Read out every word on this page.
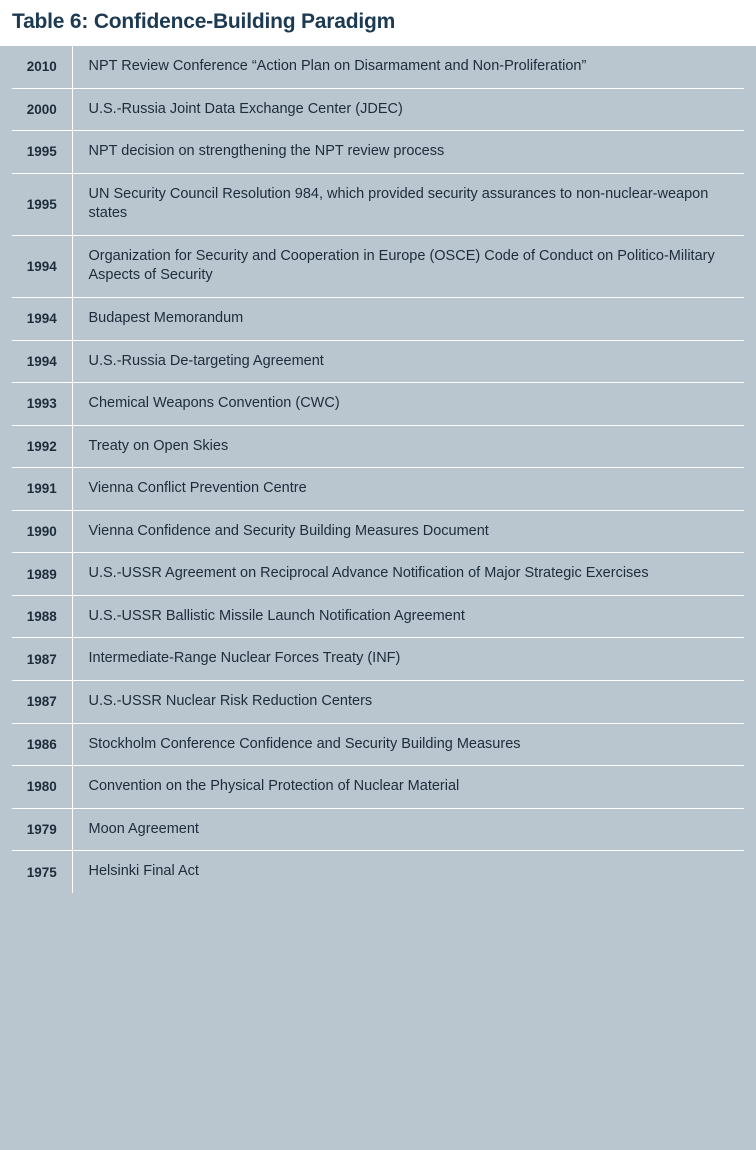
Table 6: Confidence-Building Paradigm
2010	NPT Review Conference “Action Plan on Disarmament and Non-Proliferation”
2000	U.S.-Russia Joint Data Exchange Center (JDEC)
1995	NPT decision on strengthening the NPT review process
1995	UN Security Council Resolution 984, which provided security assurances to non-nuclear-weapon states
1994	Organization for Security and Cooperation in Europe (OSCE) Code of Conduct on Politico-Military Aspects of Security
1994	Budapest Memorandum
1994	U.S.-Russia De-targeting Agreement
1993	Chemical Weapons Convention (CWC)
1992	Treaty on Open Skies
1991	Vienna Conflict Prevention Centre
1990	Vienna Confidence and Security Building Measures Document
1989	U.S.-USSR Agreement on Reciprocal Advance Notification of Major Strategic Exercises
1988	U.S.-USSR Ballistic Missile Launch Notification Agreement
1987	Intermediate-Range Nuclear Forces Treaty (INF)
1987	U.S.-USSR Nuclear Risk Reduction Centers
1986	Stockholm Conference Confidence and Security Building Measures
1980	Convention on the Physical Protection of Nuclear Material
1979	Moon Agreement
1975	Helsinki Final Act
